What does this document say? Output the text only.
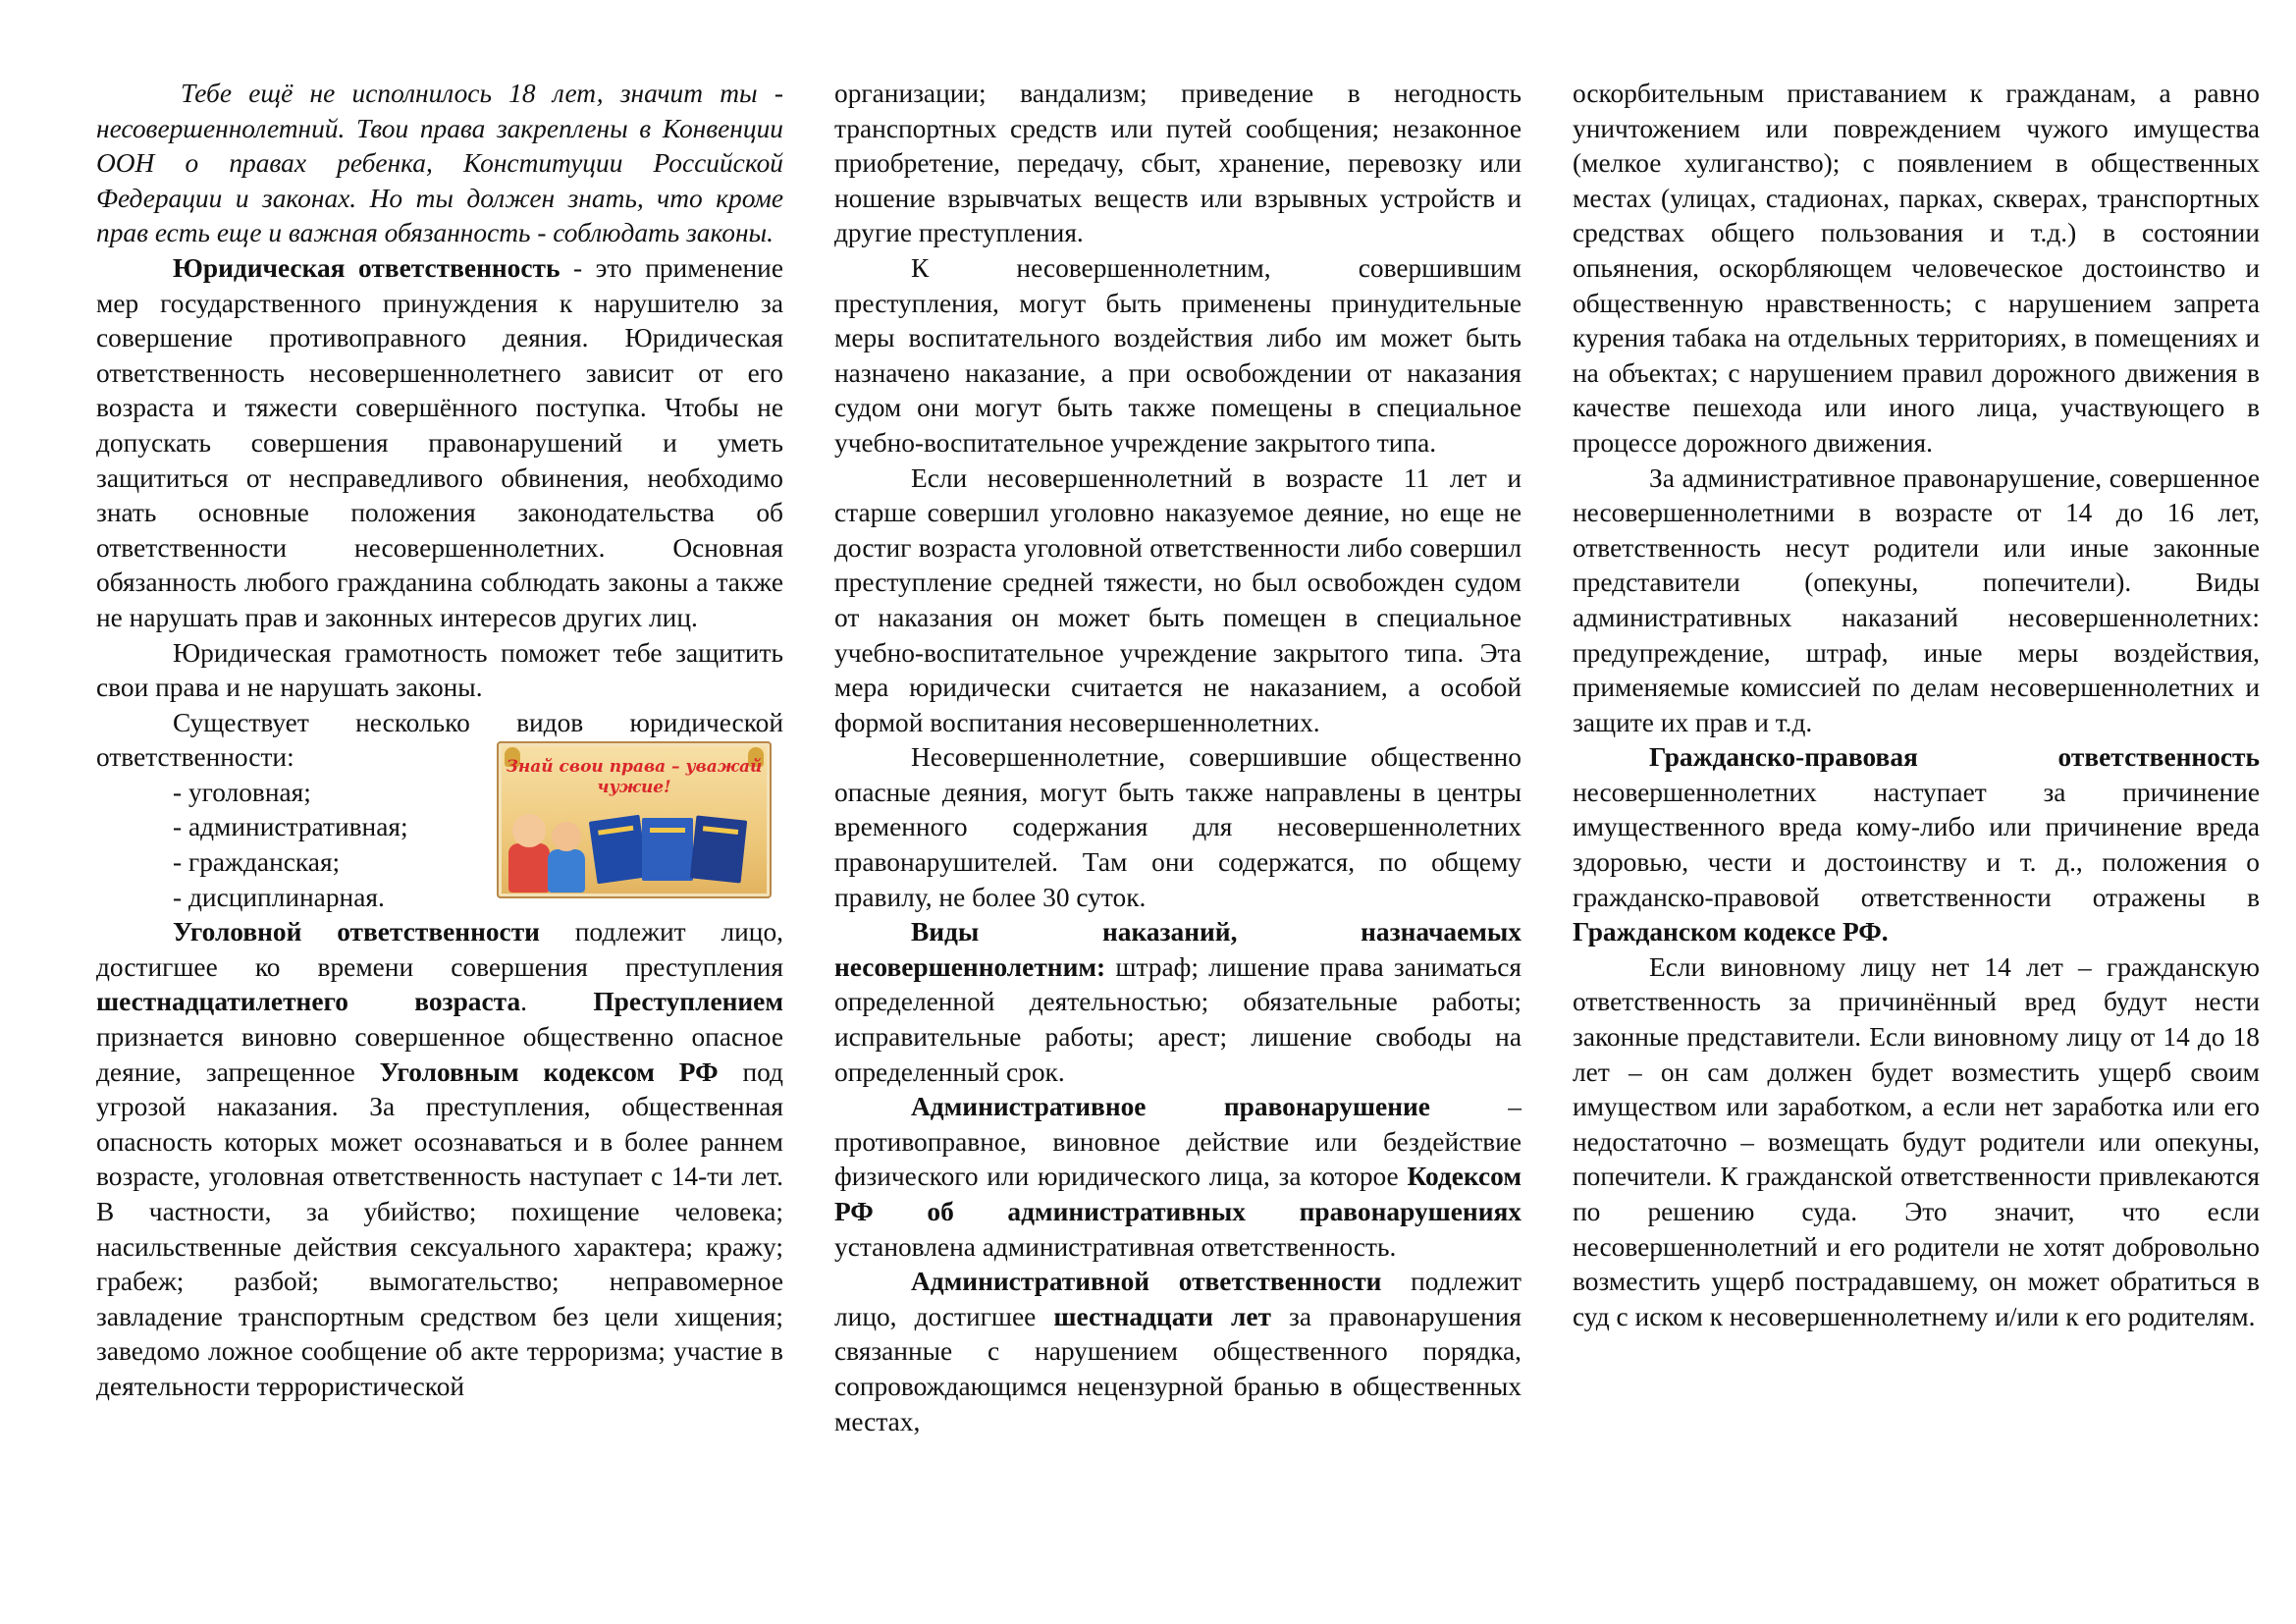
Тебе ещё не исполнилось 18 лет, значит ты - несовершеннолетний. Твои права закреплены в Конвенции ООН о правах ребенка, Конституции Российской Федерации и законах. Но ты должен знать, что кроме прав есть еще и важная обязанность - соблюдать законы.

Юридическая ответственность - это применение мер государственного принуждения к нарушителю за совершение противоправного деяния. Юридическая ответственность несовершеннолетнего зависит от его возраста и тяжести совершённого поступка. Чтобы не допускать совершения правонарушений и уметь защититься от несправедливого обвинения, необходимо знать основные положения законодательства об ответственности несовершеннолетних. Основная обязанность любого гражданина соблюдать законы а также не нарушать прав и законных интересов других лиц.

Юридическая грамотность поможет тебе защитить свои права и не нарушать законы.

Существует несколько видов юридической ответственности:

- уголовная;

- административная;

- гражданская;

- дисциплинарная.

Знай свои права – уважай чужие!

Уголовной ответственности подлежит лицо, достигшее ко времени совершения преступления шестнадцатилетнего возраста. Преступлением признается виновно совершенное общественно опасное деяние, запрещенное Уголовным кодексом РФ под угрозой наказания. За преступления, общественная опасность которых может осознаваться и в более раннем возрасте, уголовная ответственность наступает с 14-ти лет. В частности, за убийство; похищение человека; насильственные действия сексуального характера; кражу; грабеж; разбой; вымогательство; неправомерное завладение транспортным средством без цели хищения; заведомо ложное сообщение об акте терроризма; участие в деятельности террористической

организации; вандализм; приведение в негодность транспортных средств или путей сообщения; незаконное приобретение, передачу, сбыт, хранение, перевозку или ношение взрывчатых веществ или взрывных устройств и другие преступления.

К несовершеннолетним, совершившим преступления, могут быть применены принудительные меры воспитательного воздействия либо им может быть назначено наказание, а при освобождении от наказания судом они могут быть также помещены в специальное учебно-воспитательное учреждение закрытого типа.

Если несовершеннолетний в возрасте 11 лет и старше совершил уголовно наказуемое деяние, но еще не достиг возраста уголовной ответственности либо совершил преступление средней тяжести, но был освобожден судом от наказания он может быть помещен в специальное учебно-воспитательное учреждение закрытого типа. Эта мера юридически считается не наказанием, а особой формой воспитания несовершеннолетних.

Несовершеннолетние, совершившие общественно опасные деяния, могут быть также направлены в центры временного содержания для несовершеннолетних правонарушителей. Там они содержатся, по общему правилу, не более 30 суток.

Виды наказаний, назначаемых несовершеннолетним: штраф; лишение права заниматься определенной деятельностью; обязательные работы; исправительные работы; арест; лишение свободы на определенный срок.

Административное правонарушение – противоправное, виновное действие или бездействие физического или юридического лица, за которое Кодексом РФ об административных правонарушениях установлена административная ответственность.

Административной ответственности подлежит лицо, достигшее шестнадцати лет за правонарушения связанные с нарушением общественного порядка, сопровождающимся нецензурной бранью в общественных местах,

оскорбительным приставанием к гражданам, а равно уничтожением или повреждением чужого имущества (мелкое хулиганство); с появлением в общественных местах (улицах, стадионах, парках, скверах, транспортных средствах общего пользования и т.д.) в состоянии опьянения, оскорбляющем человеческое достоинство и общественную нравственность; с нарушением запрета курения табака на отдельных территориях, в помещениях и на объектах; с нарушением правил дорожного движения в качестве пешехода или иного лица, участвующего в процессе дорожного движения.

За административное правонарушение, совершенное несовершеннолетними в возрасте от 14 до 16 лет, ответственность несут родители или иные законные представители (опекуны, попечители). Виды административных наказаний несовершеннолетних: предупреждение, штраф, иные меры воздействия, применяемые комиссией по делам несовершеннолетних и защите их прав и т.д.

Гражданско-правовая ответственность несовершеннолетних наступает за причинение имущественного вреда кому-либо или причинение вреда здоровью, чести и достоинству и т. д., положения о гражданско-правовой ответственности отражены в Гражданском кодексе РФ.

Если виновному лицу нет 14 лет – гражданскую ответственность за причинённый вред будут нести законные представители. Если виновному лицу от 14 до 18 лет – он сам должен будет возместить ущерб своим имуществом или заработком, а если нет заработка или его недостаточно – возмещать будут родители или опекуны, попечители. К гражданской ответственности привлекаются по решению суда. Это значит, что если несовершеннолетний и его родители не хотят добровольно возместить ущерб пострадавшему, он может обратиться в суд с иском к несовершеннолетнему и/или к его родителям.
